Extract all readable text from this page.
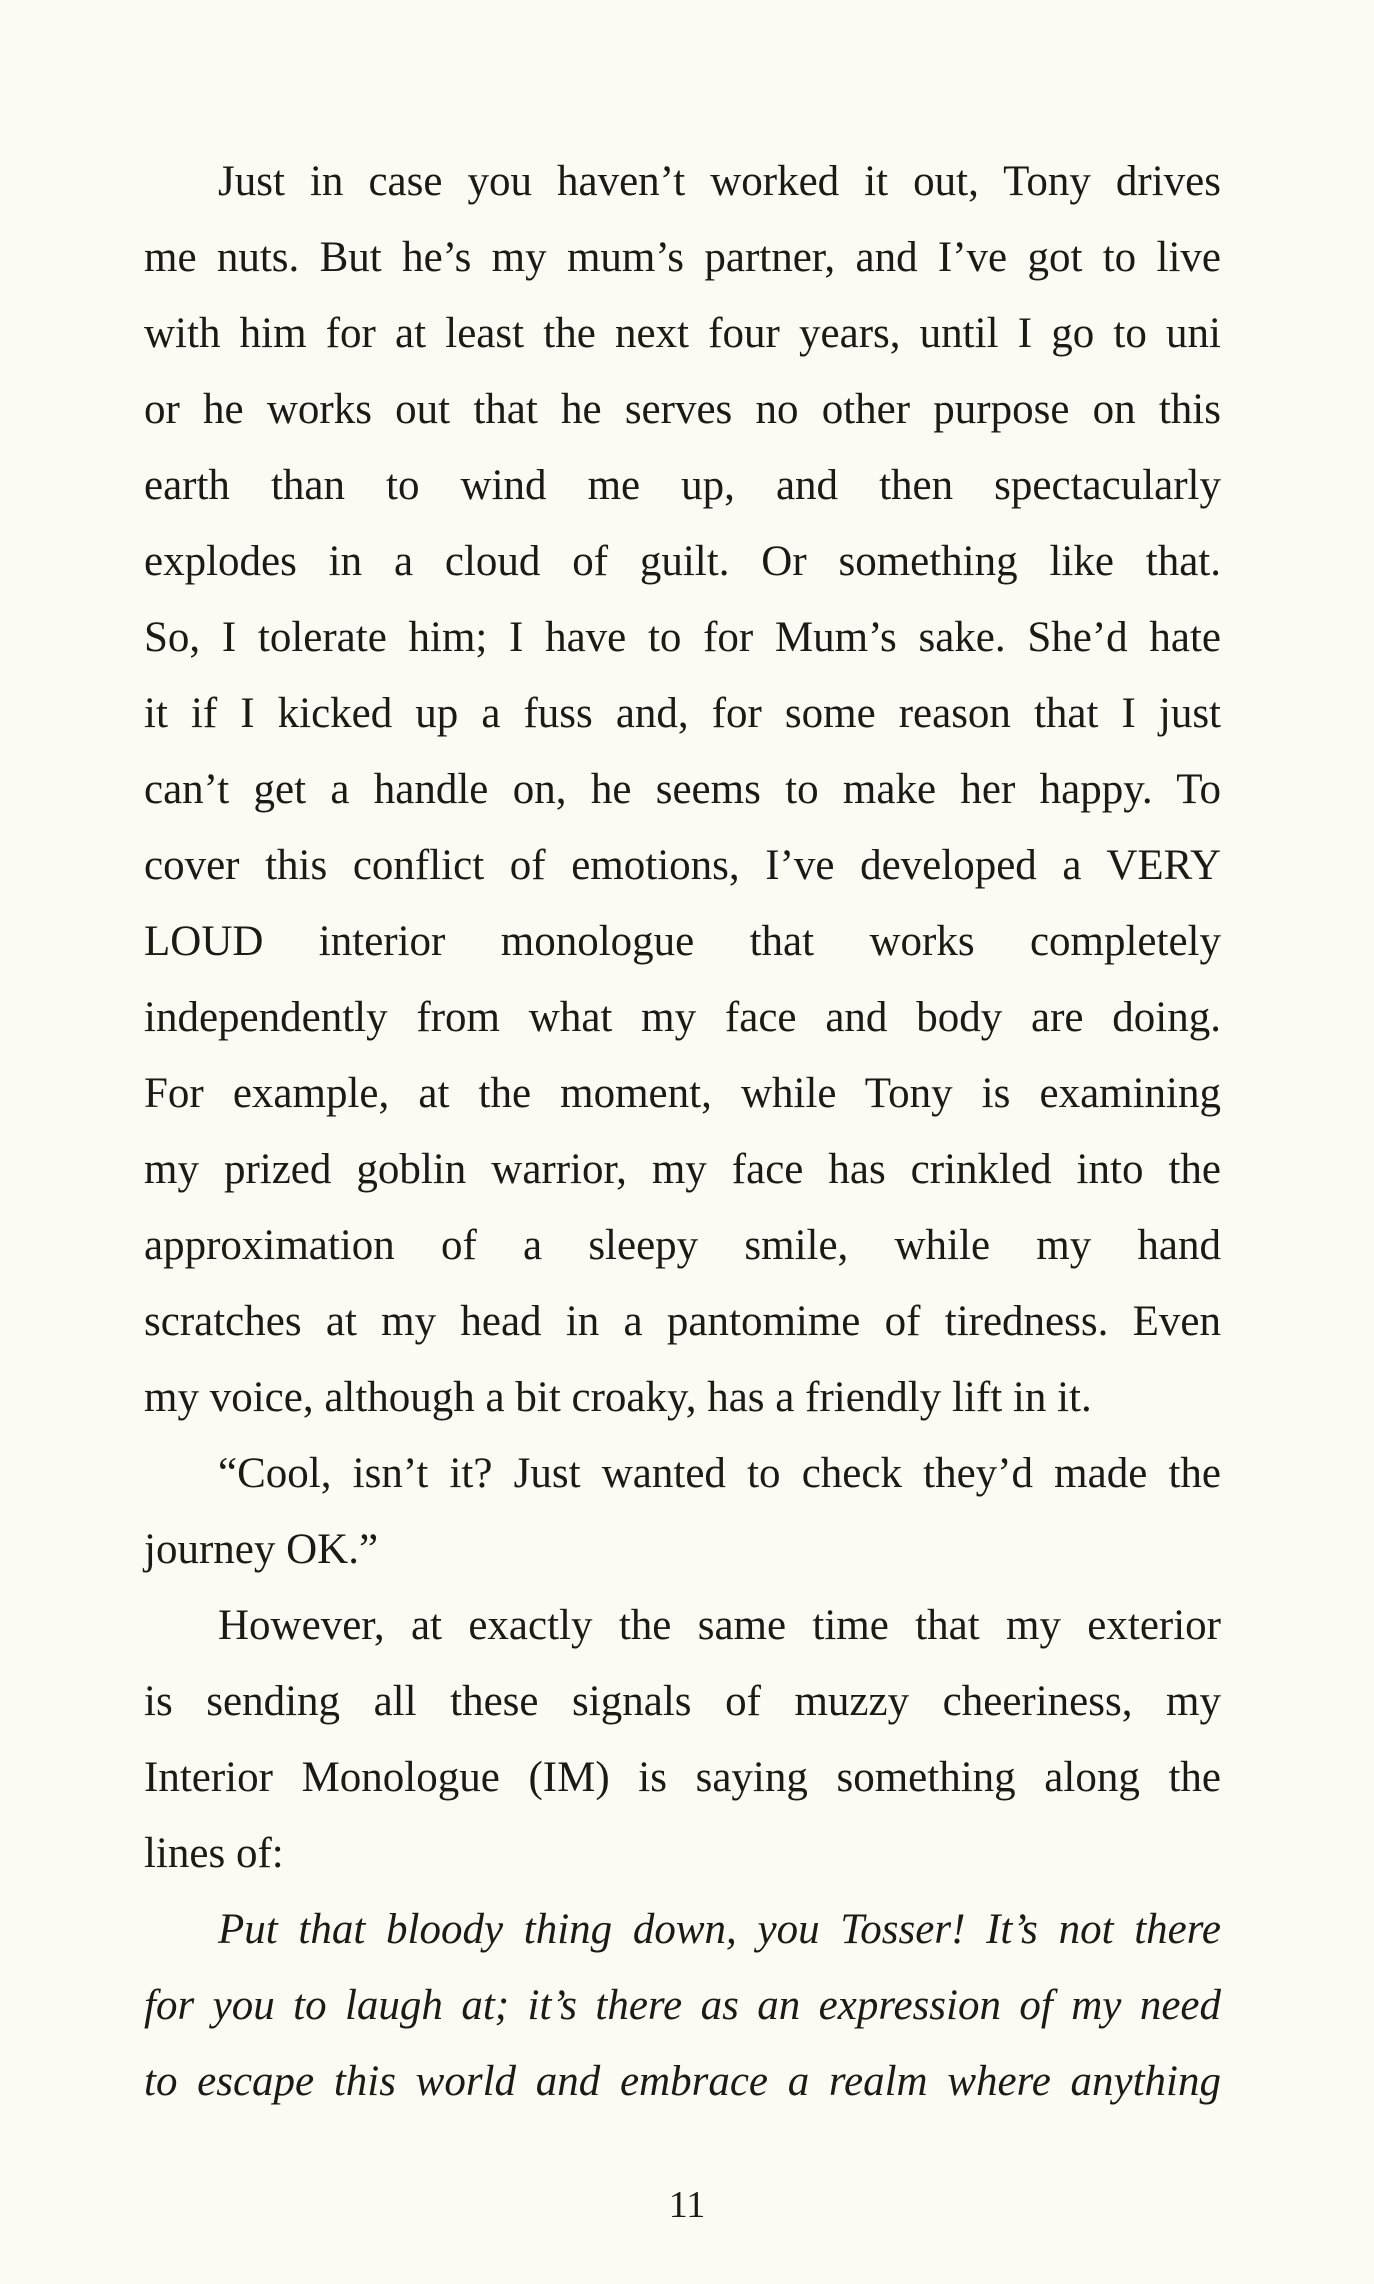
Just in case you haven’t worked it out, Tony drives
me nuts. But he’s my mum’s partner, and I’ve got to live
with him for at least the next four years, until I go to uni
or he works out that he serves no other purpose on this
earth than to wind me up, and then spectacularly
explodes in a cloud of guilt. Or something like that.
So, I tolerate him; I have to for Mum’s sake. She’d hate
it if I kicked up a fuss and, for some reason that I just
can’t get a handle on, he seems to make her happy. To
cover this conflict of emotions, I’ve developed a VERY
LOUD interior monologue that works completely
independently from what my face and body are doing.
For example, at the moment, while Tony is examining
my prized goblin warrior, my face has crinkled into the
approximation of a sleepy smile, while my hand
scratches at my head in a pantomime of tiredness. Even
my voice, although a bit croaky, has a friendly lift in it.
“Cool, isn’t it? Just wanted to check they’d made the
journey OK.”
However, at exactly the same time that my exterior
is sending all these signals of muzzy cheeriness, my
Interior Monologue (IM) is saying something along the
lines of:
Put that bloody thing down, you Tosser! It’s not there
for you to laugh at; it’s there as an expression of my need
to escape this world and embrace a realm where anything
11
